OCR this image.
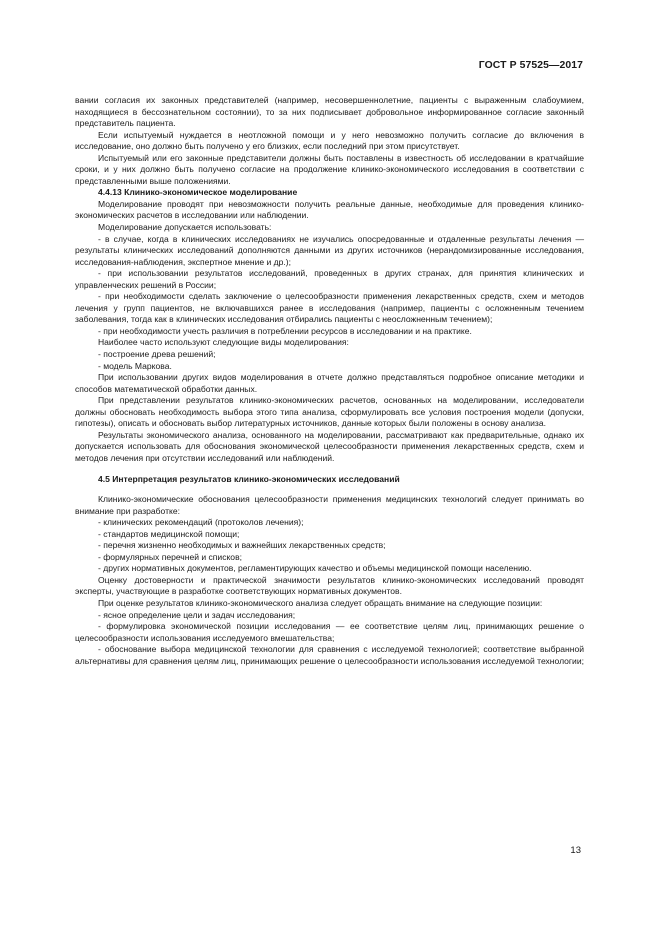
ГОСТ Р 57525—2017

вании согласия их законных представителей (например, несовершеннолетние, пациенты с выраженным слабоумием, находящиеся в бессознательном состоянии), то за них подписывает добровольное информированное согласие законный представитель пациента.

Если испытуемый нуждается в неотложной помощи и у него невозможно получить согласие до включения в исследование, оно должно быть получено у его близких, если последний при этом присутствует.

Испытуемый или его законные представители должны быть поставлены в известность об исследовании в кратчайшие сроки, и у них должно быть получено согласие на продолжение клинико-экономического исследования в соответствии с представленными выше положениями.

4.4.13 Клинико-экономическое моделирование

Моделирование проводят при невозможности получить реальные данные, необходимые для проведения клинико-экономических расчетов в исследовании или наблюдении.

Моделирование допускается использовать:

- в случае, когда в клинических исследованиях не изучались опосредованные и отдаленные результаты лечения — результаты клинических исследований дополняются данными из других источников (нерандомизированные исследования, исследования-наблюдения, экспертное мнение и др.);

- при использовании результатов исследований, проведенных в других странах, для принятия клинических и управленческих решений в России;

- при необходимости сделать заключение о целесообразности применения лекарственных средств, схем и методов лечения у групп пациентов, не включавшихся ранее в исследования (например, пациенты с осложненным течением заболевания, тогда как в клинических исследования отбирались пациенты с неосложненным течением);

- при необходимости учесть различия в потреблении ресурсов в исследовании и на практике.

Наиболее часто используют следующие виды моделирования:

- построение древа решений;

- модель Маркова.

При использовании других видов моделирования в отчете должно представляться подробное описание методики и способов математической обработки данных.

При представлении результатов клинико-экономических расчетов, основанных на моделировании, исследователи должны обосновать необходимость выбора этого типа анализа, сформулировать все условия построения модели (допуски, гипотезы), описать и обосновать выбор литературных источников, данные которых были положены в основу анализа.

Результаты экономического анализа, основанного на моделировании, рассматривают как предварительные, однако их допускается использовать для обоснования экономической целесообразности применения лекарственных средств, схем и методов лечения при отсутствии исследований или наблюдений.

4.5 Интерпретация результатов клинико-экономических исследований

Клинико-экономические обоснования целесообразности применения медицинских технологий следует принимать во внимание при разработке:

- клинических рекомендаций (протоколов лечения);

- стандартов медицинской помощи;

- перечня жизненно необходимых и важнейших лекарственных средств;

- формулярных перечней и списков;

- других нормативных документов, регламентирующих качество и объемы медицинской помощи населению.

Оценку достоверности и практической значимости результатов клинико-экономических исследований проводят эксперты, участвующие в разработке соответствующих нормативных документов.

При оценке результатов клинико-экономического анализа следует обращать внимание на следующие позиции:

- ясное определение цели и задач исследования;

- формулировка экономической позиции исследования — ее соответствие целям лиц, принимающих решение о целесообразности использования исследуемого вмешательства;

- обоснование выбора медицинской технологии для сравнения с исследуемой технологией; соответствие выбранной альтернативы для сравнения целям лиц, принимающих решение о целесообразности использования исследуемой технологии;

13
